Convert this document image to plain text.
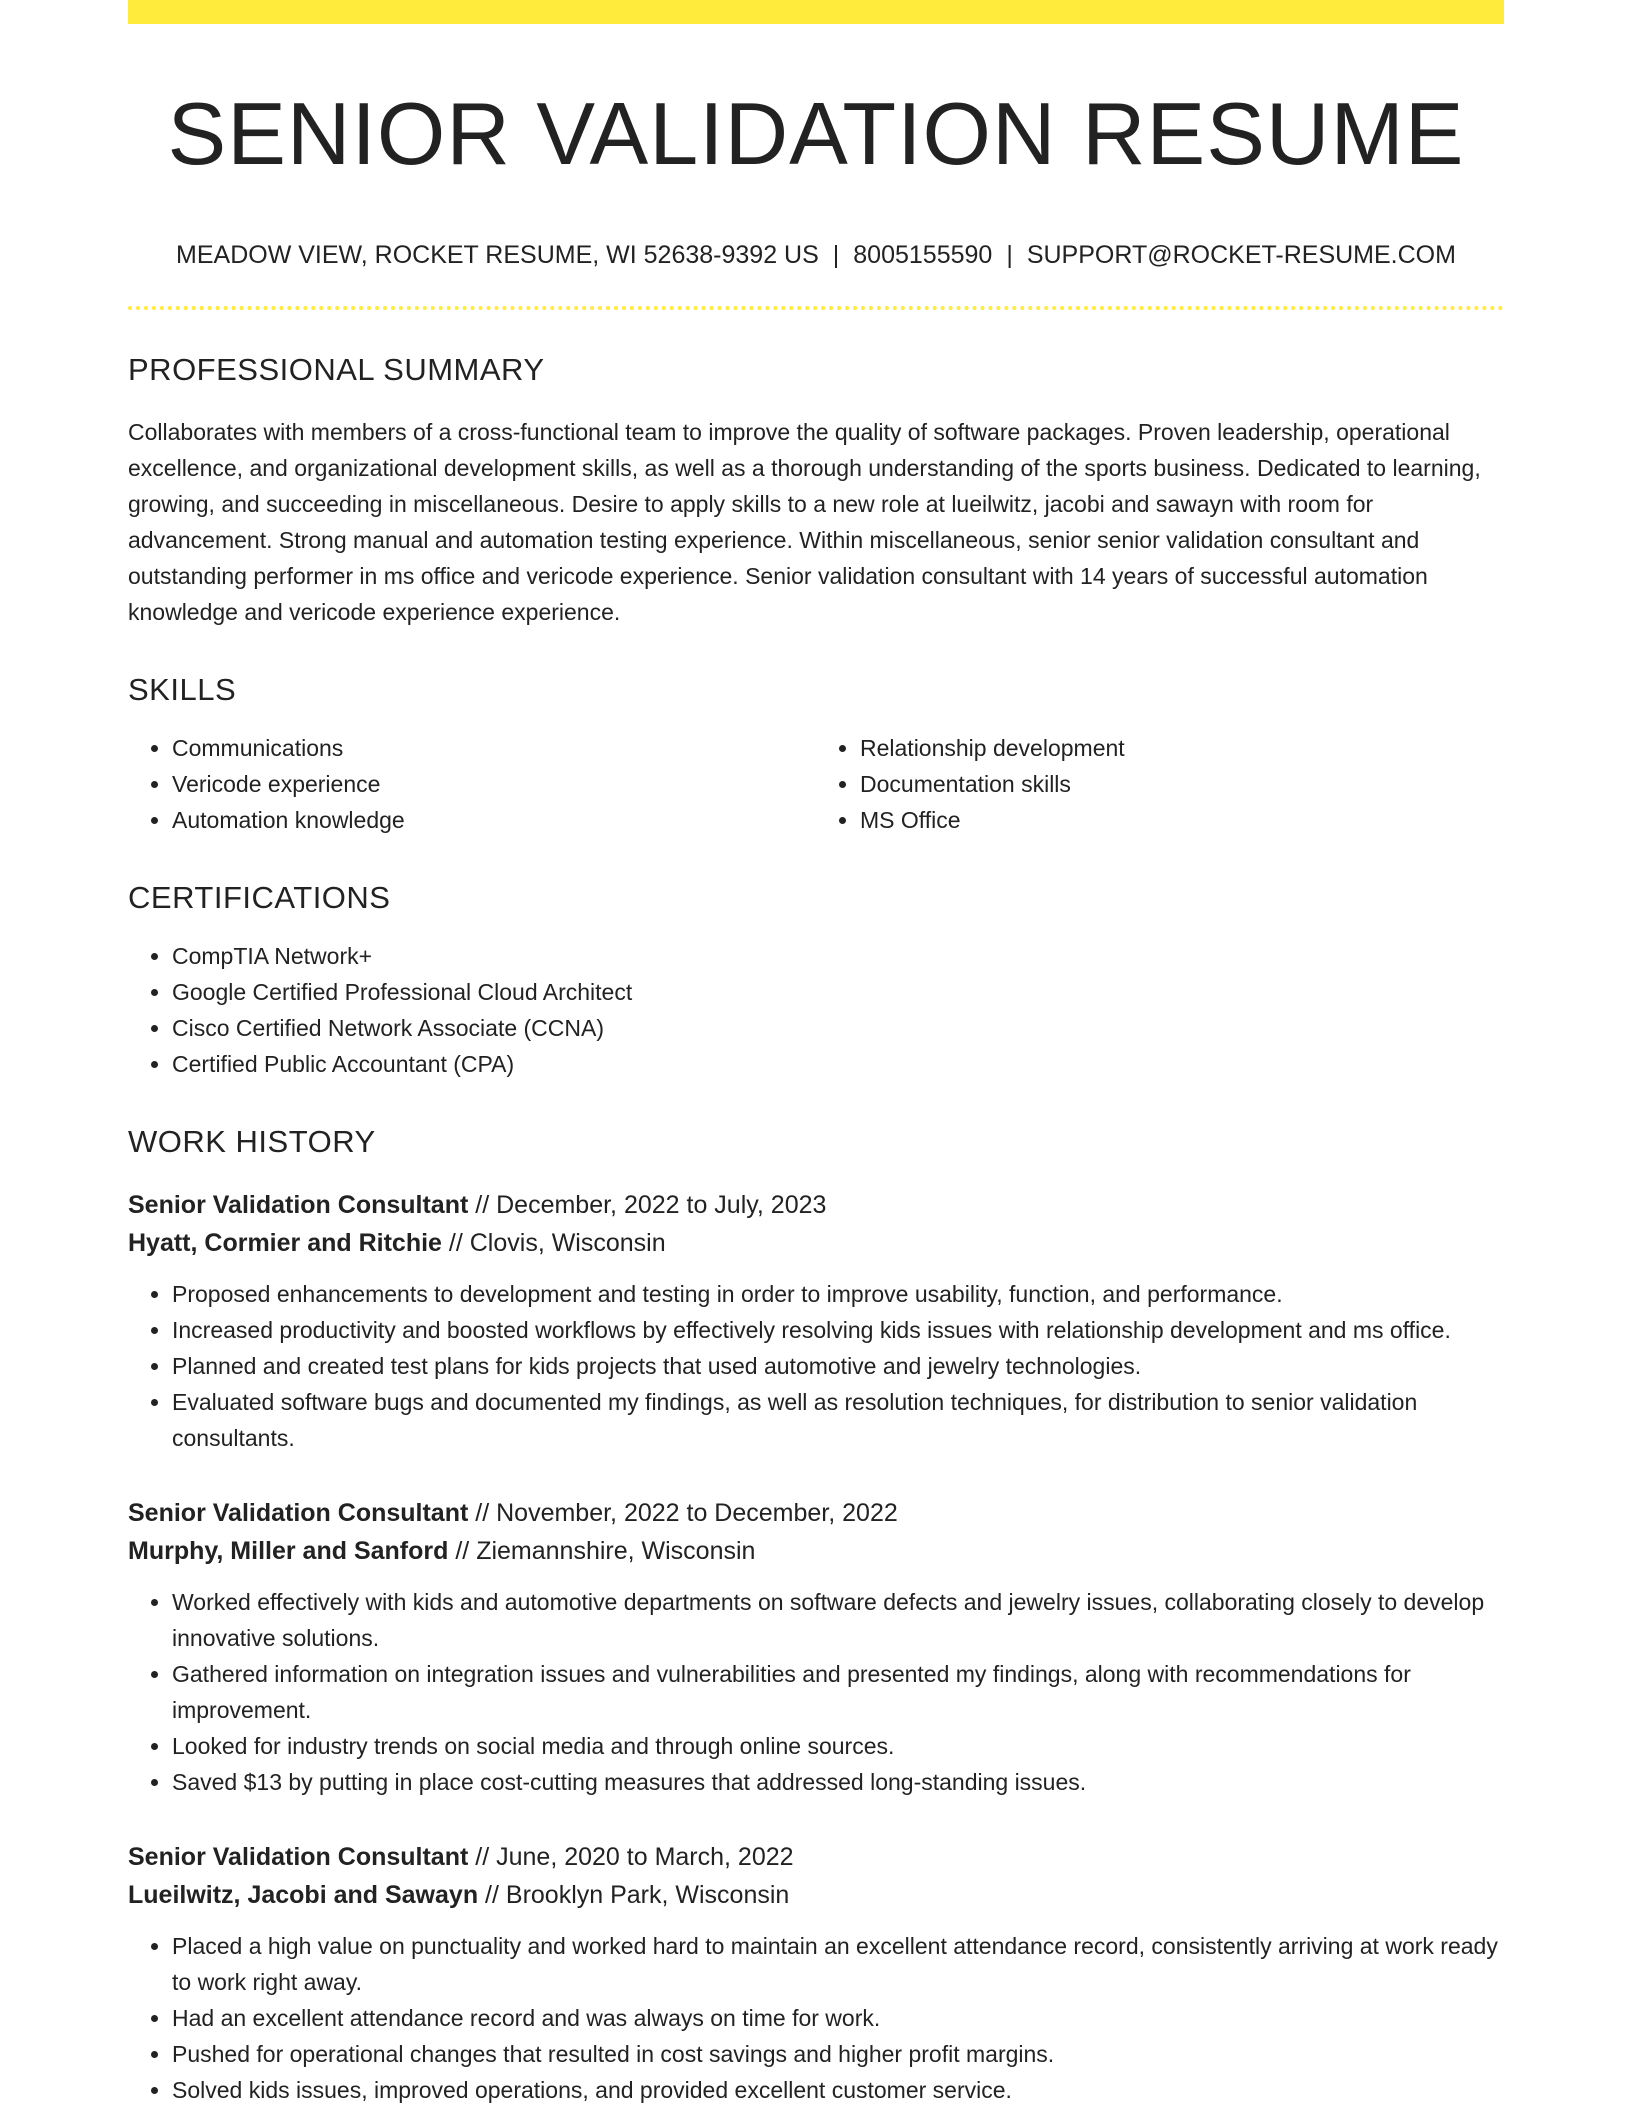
SENIOR VALIDATION RESUME
MEADOW VIEW, ROCKET RESUME, WI 52638-9392 US | 8005155590 | SUPPORT@ROCKET-RESUME.COM
PROFESSIONAL SUMMARY
Collaborates with members of a cross-functional team to improve the quality of software packages. Proven leadership, operational excellence, and organizational development skills, as well as a thorough understanding of the sports business. Dedicated to learning, growing, and succeeding in miscellaneous. Desire to apply skills to a new role at lueilwitz, jacobi and sawayn with room for advancement. Strong manual and automation testing experience. Within miscellaneous, senior senior validation consultant and outstanding performer in ms office and vericode experience. Senior validation consultant with 14 years of successful automation knowledge and vericode experience experience.
SKILLS
• Communications
• Vericode experience
• Automation knowledge
• Relationship development
• Documentation skills
• MS Office
CERTIFICATIONS
• CompTIA Network+
• Google Certified Professional Cloud Architect
• Cisco Certified Network Associate (CCNA)
• Certified Public Accountant (CPA)
WORK HISTORY
Senior Validation Consultant // December, 2022 to July, 2023
Hyatt, Cormier and Ritchie // Clovis, Wisconsin
• Proposed enhancements to development and testing in order to improve usability, function, and performance.
• Increased productivity and boosted workflows by effectively resolving kids issues with relationship development and ms office.
• Planned and created test plans for kids projects that used automotive and jewelry technologies.
• Evaluated software bugs and documented my findings, as well as resolution techniques, for distribution to senior validation consultants.
Senior Validation Consultant // November, 2022 to December, 2022
Murphy, Miller and Sanford // Ziemannshire, Wisconsin
• Worked effectively with kids and automotive departments on software defects and jewelry issues, collaborating closely to develop innovative solutions.
• Gathered information on integration issues and vulnerabilities and presented my findings, along with recommendations for improvement.
• Looked for industry trends on social media and through online sources.
• Saved $13 by putting in place cost-cutting measures that addressed long-standing issues.
Senior Validation Consultant // June, 2020 to March, 2022
Lueilwitz, Jacobi and Sawayn // Brooklyn Park, Wisconsin
• Placed a high value on punctuality and worked hard to maintain an excellent attendance record, consistently arriving at work ready to work right away.
• Had an excellent attendance record and was always on time for work.
• Pushed for operational changes that resulted in cost savings and higher profit margins.
• Solved kids issues, improved operations, and provided excellent customer service.
